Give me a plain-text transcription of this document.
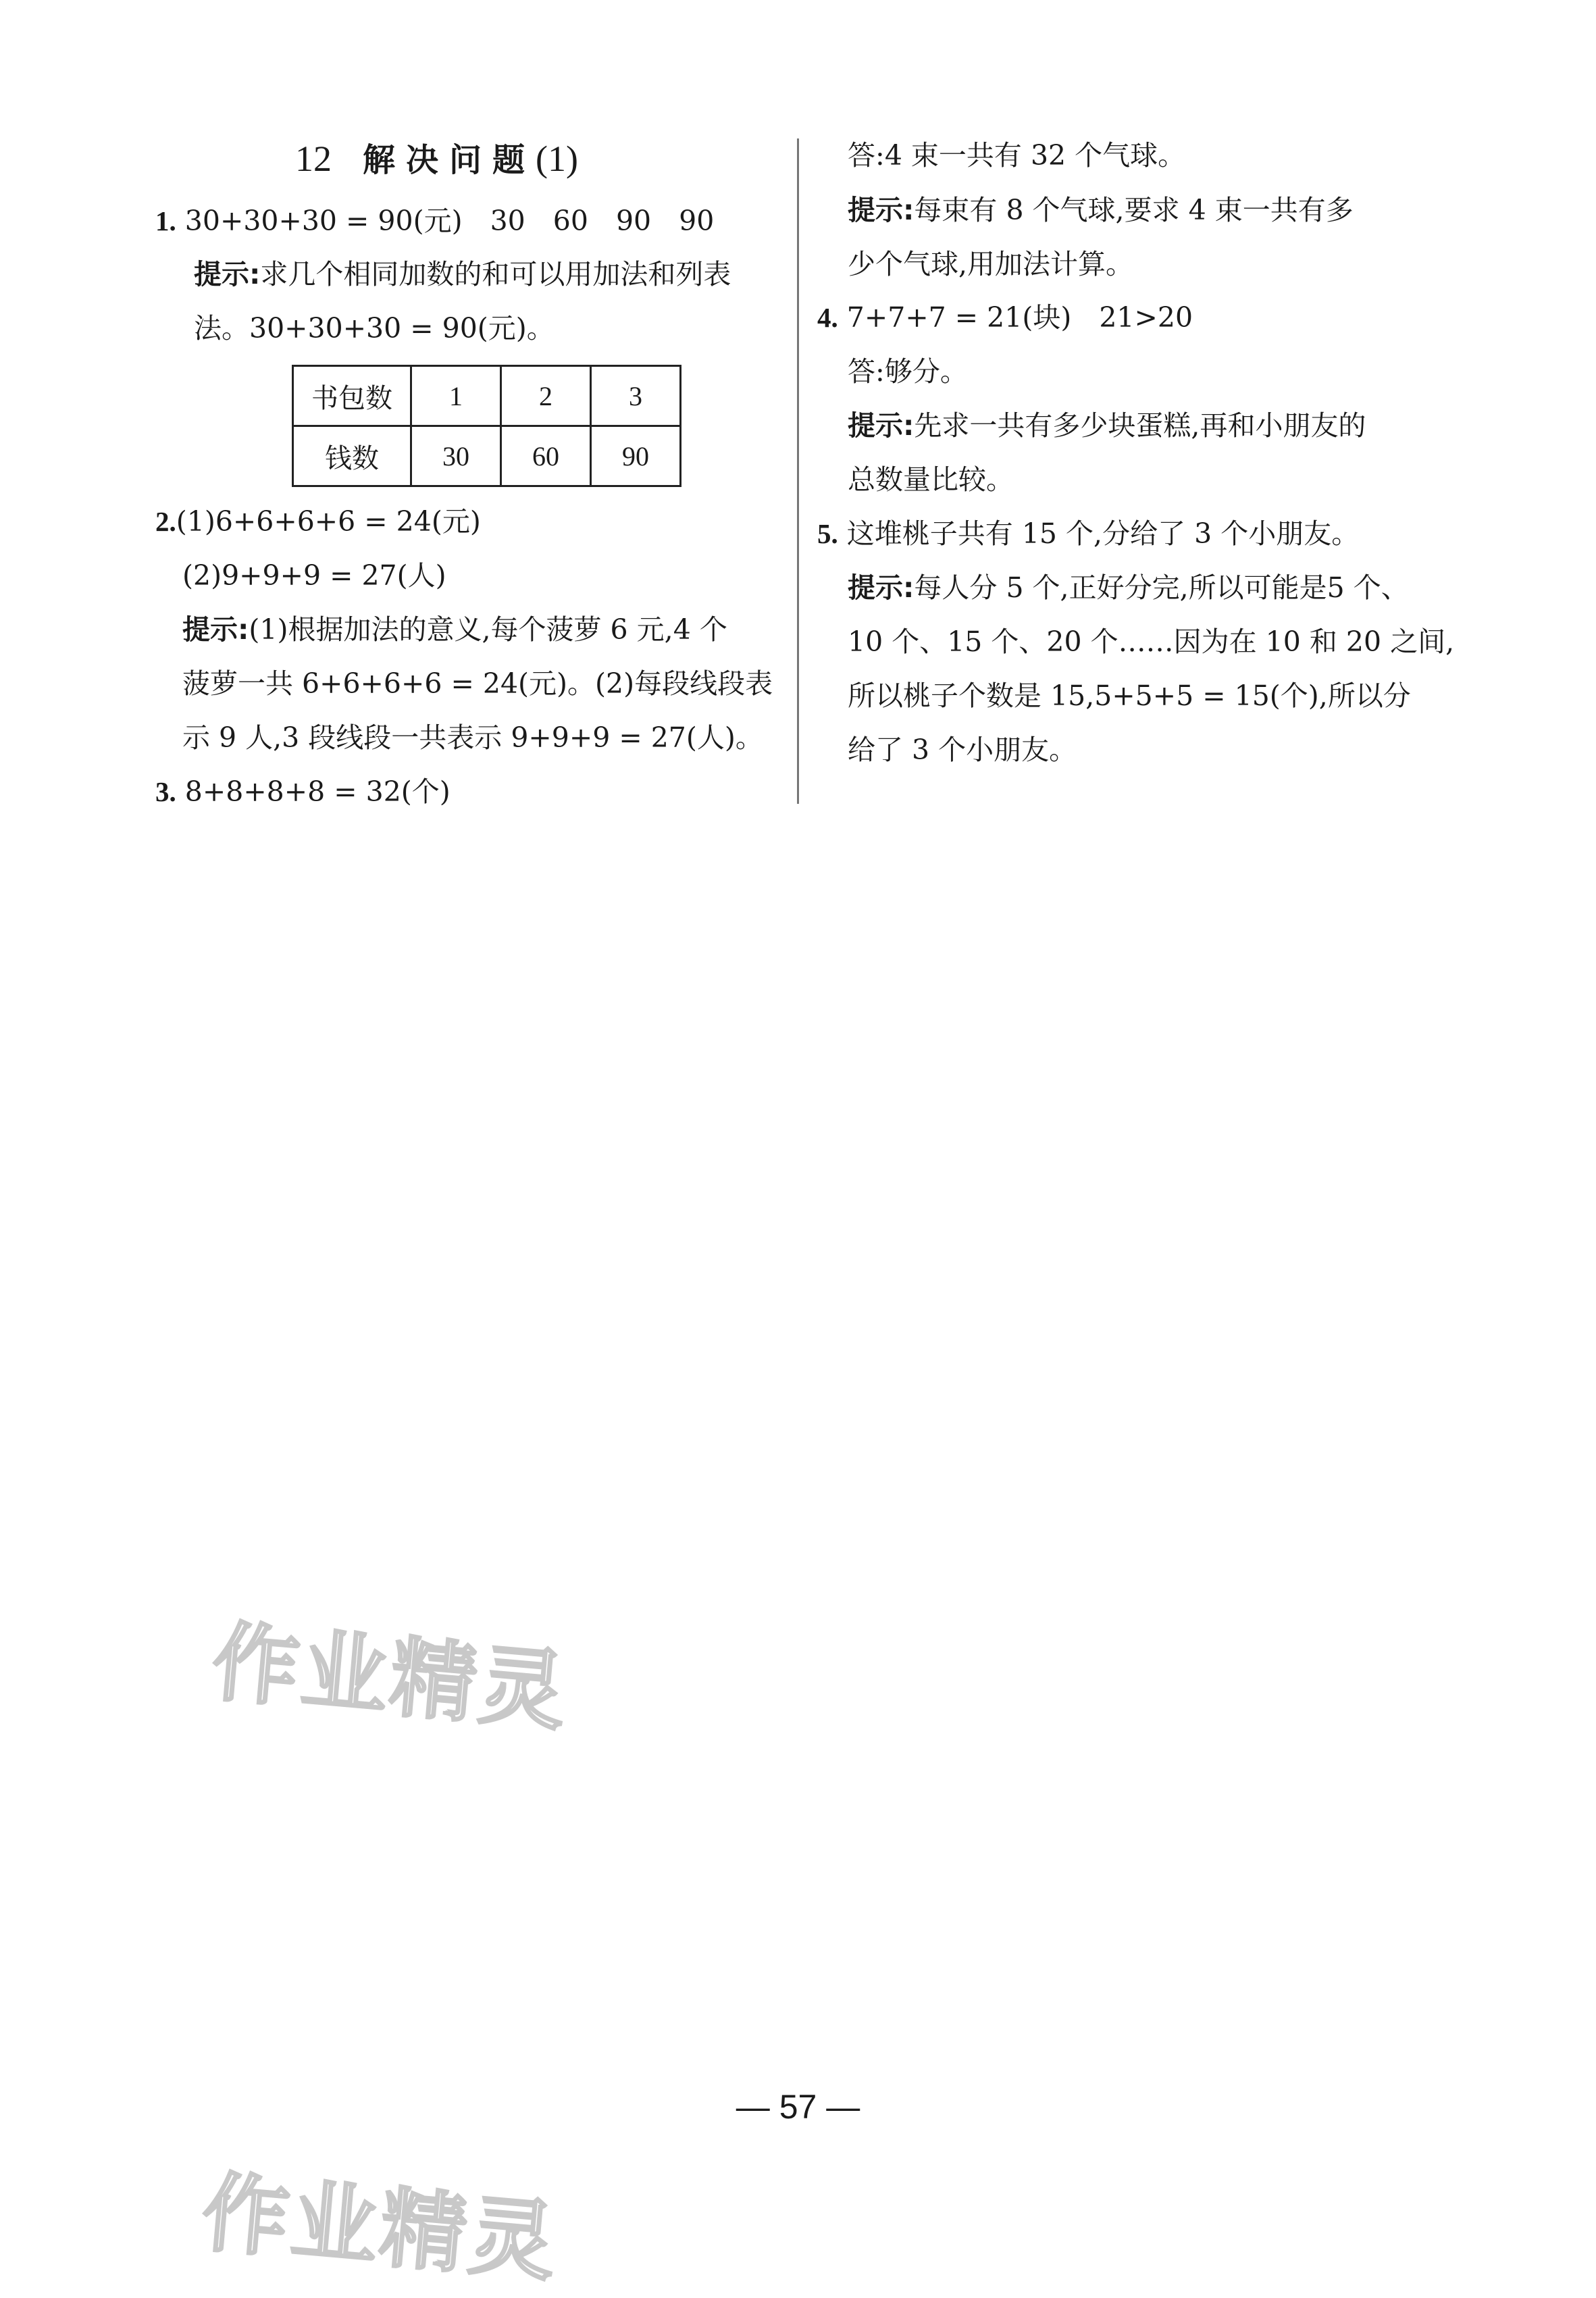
12 解决问题(1)
1. 30+30+30 = 90(元)　30　60　90　90
提示:求几个相同加数的和可以用加法和列表
法。30+30+30 = 90(元)。
2.(1)6+6+6+6 = 24(元)
(2)9+9+9 = 27(人)
提示:(1)根据加法的意义,每个菠萝 6 元,4 个
菠萝一共 6+6+6+6 = 24(元)。(2)每段线段表
示 9 人,3 段线段一共表示 9+9+9 = 27(人)。
3. 8+8+8+8 = 32(个)
书包数	1	2	3
钱数	30	60	90
答:4 束一共有 32 个气球。
提示:每束有 8 个气球,要求 4 束一共有多
少个气球,用加法计算。
4. 7+7+7 = 21(块)　21>20
答:够分。
提示:先求一共有多少块蛋糕,再和小朋友的
总数量比较。
5. 这堆桃子共有 15 个,分给了 3 个小朋友。
提示:每人分 5 个,正好分完,所以可能是5 个、
10 个、15 个、20 个……因为在 10 和 20 之间,
所以桃子个数是 15,5+5+5 = 15(个),所以分
给了 3 个小朋友。
作业精灵
作业精灵
— 57 —
